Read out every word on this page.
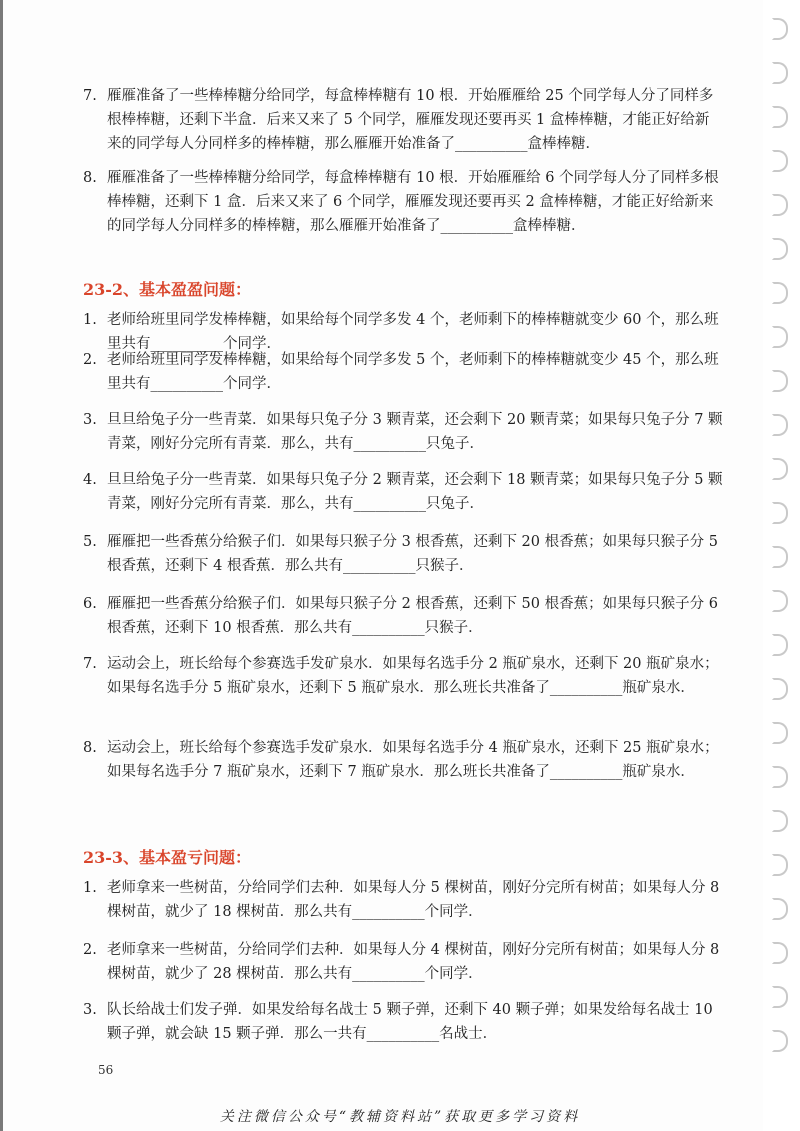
7. 雁雁准备了一些棒棒糖分给同学，每盒棒棒糖有 10 根．开始雁雁给 25 个同学每人分了同样多根棒棒糖，还剩下半盒．后来又来了 5 个同学，雁雁发现还要再买 1 盒棒棒糖，才能正好给新来的同学每人分同样多的棒棒糖，那么雁雁开始准备了__________盒棒棒糖．
8. 雁雁准备了一些棒棒糖分给同学，每盒棒棒糖有 10 根．开始雁雁给 6 个同学每人分了同样多根棒棒糖，还剩下 1 盒．后来又来了 6 个同学，雁雁发现还要再买 2 盒棒棒糖，才能正好给新来的同学每人分同样多的棒棒糖，那么雁雁开始准备了__________盒棒棒糖．
23-2、基本盈盈问题：
1. 老师给班里同学发棒棒糖，如果给每个同学多发 4 个，老师剩下的棒棒糖就变少 60 个，那么班里共有__________个同学．
2. 老师给班里同学发棒棒糖，如果给每个同学多发 5 个，老师剩下的棒棒糖就变少 45 个，那么班里共有__________个同学．
3. 旦旦给兔子分一些青菜．如果每只兔子分 3 颗青菜，还会剩下 20 颗青菜；如果每只兔子分 7 颗青菜，刚好分完所有青菜．那么，共有__________只兔子．
4. 旦旦给兔子分一些青菜．如果每只兔子分 2 颗青菜，还会剩下 18 颗青菜；如果每只兔子分 5 颗青菜，刚好分完所有青菜．那么，共有__________只兔子．
5. 雁雁把一些香蕉分给猴子们．如果每只猴子分 3 根香蕉，还剩下 20 根香蕉；如果每只猴子分 5 根香蕉，还剩下 4 根香蕉．那么共有__________只猴子．
6. 雁雁把一些香蕉分给猴子们．如果每只猴子分 2 根香蕉，还剩下 50 根香蕉；如果每只猴子分 6 根香蕉，还剩下 10 根香蕉．那么共有__________只猴子．
7. 运动会上，班长给每个参赛选手发矿泉水．如果每名选手分 2 瓶矿泉水，还剩下 20 瓶矿泉水；如果每名选手分 5 瓶矿泉水，还剩下 5 瓶矿泉水．那么班长共准备了__________瓶矿泉水．
8. 运动会上，班长给每个参赛选手发矿泉水．如果每名选手分 4 瓶矿泉水，还剩下 25 瓶矿泉水；如果每名选手分 7 瓶矿泉水，还剩下 7 瓶矿泉水．那么班长共准备了__________瓶矿泉水．
23-3、基本盈亏问题：
1. 老师拿来一些树苗，分给同学们去种．如果每人分 5 棵树苗，刚好分完所有树苗；如果每人分 8 棵树苗，就少了 18 棵树苗．那么共有__________个同学．
2. 老师拿来一些树苗，分给同学们去种．如果每人分 4 棵树苗，刚好分完所有树苗；如果每人分 8 棵树苗，就少了 28 棵树苗．那么共有__________个同学．
3. 队长给战士们发子弹．如果发给每名战士 5 颗子弹，还剩下 40 颗子弹；如果发给每名战士 10 颗子弹，就会缺 15 颗子弹．那么一共有__________名战士．
56
关注微信公众号“教辅资料站”获取更多学习资料
